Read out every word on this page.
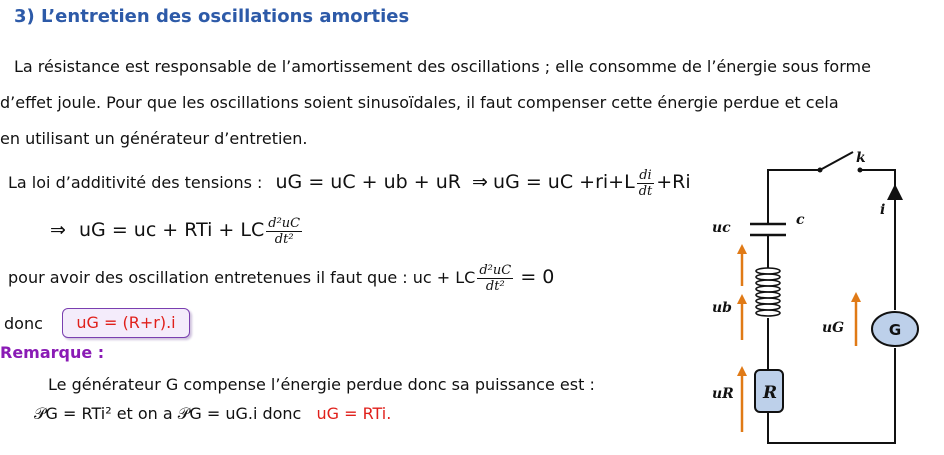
3) L’entretien des oscillations amorties
La résistance est responsable de l’amortissement des oscillations ; elle consomme de l’énergie sous forme
d’effet joule. Pour que les oscillations soient sinusoïdales, il faut compenser cette énergie perdue et cela
en utilisant un générateur d’entretien.
La loi d’additivité des tensions : uG = uC + ub + uR ⇒ uG = uC $+ri+L \frac{di}{dt} +Ri$
⇒ uG = uc + RTi + LC $\frac{\text{d²uC}}{\text{dt²}}$
pour avoir des oscillation entretenues il faut que : uc + LC $\frac{\text{d²uC}}{\text{dt²}} = 0$
donc	uG = (R+r).i
Remarque :
Le générateur G compense l’énergie perdue donc sa puissance est :
𝒫G = RTi² et on a 𝒫G = uG.i donc uG = RTi.
k
i
c
uc
ub
uG
uR R
G
